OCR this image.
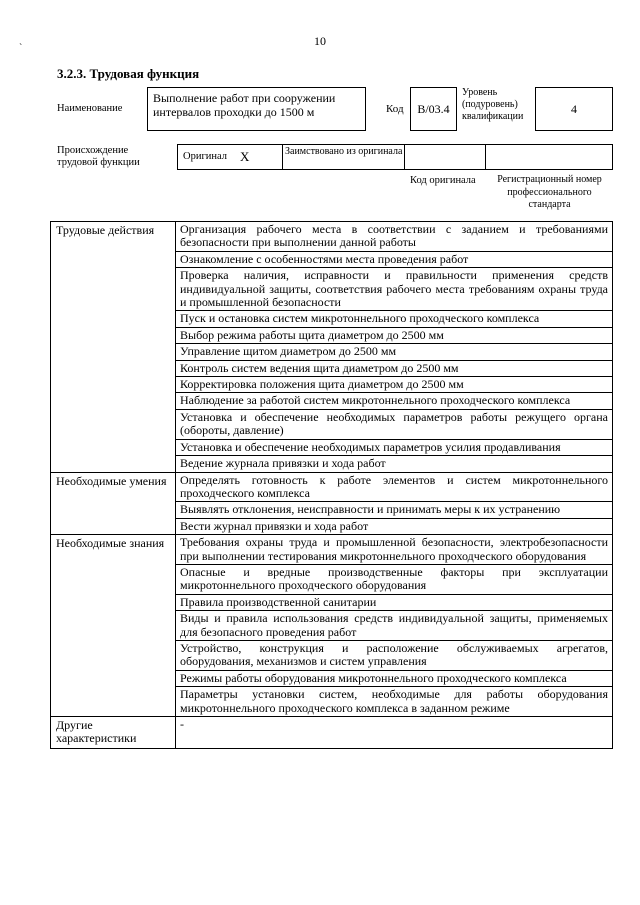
10
`
3.2.3. Трудовая функция
Наименование
Выполнение работ при сооружении интервалов проходки до 1500 м	Код	B/03.4
Уровень (подуровень) квалификации
4
Происхождение трудовой функции
Оригинал X	Заимствовано из оригинала
Код оригинала	Регистрационный номер профессионального стандарта
Трудовые действия	Организация рабочего места в соответствии с заданием и требованиями безопасности при выполнении данной работы
	Ознакомление с особенностями места проведения работ
	Проверка наличия, исправности и правильности применения средств индивидуальной защиты, соответствия рабочего места требованиям охраны труда и промышленной безопасности
	Пуск и остановка систем микротоннельного проходческого комплекса
	Выбор режима работы щита диаметром до 2500 мм
	Управление щитом диаметром до 2500 мм
	Контроль систем ведения щита диаметром до 2500 мм
	Корректировка положения щита диаметром до 2500 мм
	Наблюдение за работой систем микротоннельного проходческого комплекса
	Установка и обеспечение необходимых параметров работы режущего органа (обороты, давление)
	Установка и обеспечение необходимых параметров усилия продавливания
	Ведение журнала привязки и хода работ
Необходимые умения	Определять готовность к работе элементов и систем микротоннельного проходческого комплекса
	Выявлять отклонения, неисправности и принимать меры к их устранению
	Вести журнал привязки и хода работ
Необходимые знания	Требования охраны труда и промышленной безопасности, электробезопасности при выполнении тестирования микротоннельного проходческого оборудования
	Опасные и вредные производственные факторы при эксплуатации микротоннельного проходческого оборудования
	Правила производственной санитарии
	Виды и правила использования средств индивидуальной защиты, применяемых для безопасного проведения работ
	Устройство, конструкция и расположение обслуживаемых агрегатов, оборудования, механизмов и систем управления
	Режимы работы оборудования микротоннельного проходческого комплекса
	Параметры установки систем, необходимые для работы оборудования микротоннельного проходческого комплекса в заданном режиме
Другие характеристики	-
